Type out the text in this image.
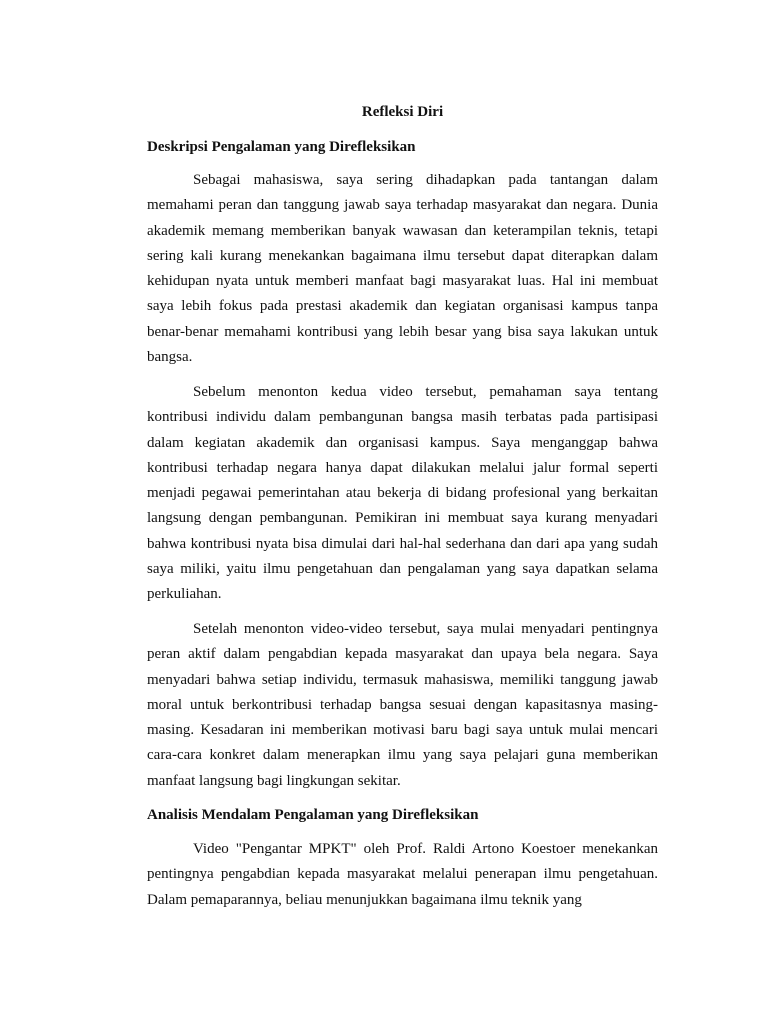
Refleksi Diri
Deskripsi Pengalaman yang Direfleksikan

Sebagai mahasiswa, saya sering dihadapkan pada tantangan dalam memahami peran dan tanggung jawab saya terhadap masyarakat dan negara. Dunia akademik memang memberikan banyak wawasan dan keterampilan teknis, tetapi sering kali kurang menekankan bagaimana ilmu tersebut dapat diterapkan dalam kehidupan nyata untuk memberi manfaat bagi masyarakat luas. Hal ini membuat saya lebih fokus pada prestasi akademik dan kegiatan organisasi kampus tanpa benar-benar memahami kontribusi yang lebih besar yang bisa saya lakukan untuk bangsa.

Sebelum menonton kedua video tersebut, pemahaman saya tentang kontribusi individu dalam pembangunan bangsa masih terbatas pada partisipasi dalam kegiatan akademik dan organisasi kampus. Saya menganggap bahwa kontribusi terhadap negara hanya dapat dilakukan melalui jalur formal seperti menjadi pegawai pemerintahan atau bekerja di bidang profesional yang berkaitan langsung dengan pembangunan. Pemikiran ini membuat saya kurang menyadari bahwa kontribusi nyata bisa dimulai dari hal-hal sederhana dan dari apa yang sudah saya miliki, yaitu ilmu pengetahuan dan pengalaman yang saya dapatkan selama perkuliahan.

Setelah menonton video-video tersebut, saya mulai menyadari pentingnya peran aktif dalam pengabdian kepada masyarakat dan upaya bela negara. Saya menyadari bahwa setiap individu, termasuk mahasiswa, memiliki tanggung jawab moral untuk berkontribusi terhadap bangsa sesuai dengan kapasitasnya masing-masing. Kesadaran ini memberikan motivasi baru bagi saya untuk mulai mencari cara-cara konkret dalam menerapkan ilmu yang saya pelajari guna memberikan manfaat langsung bagi lingkungan sekitar.

Analisis Mendalam Pengalaman yang Direfleksikan

Video "Pengantar MPKT" oleh Prof. Raldi Artono Koestoer menekankan pentingnya pengabdian kepada masyarakat melalui penerapan ilmu pengetahuan. Dalam pemaparannya, beliau menunjukkan bagaimana ilmu teknik yang
